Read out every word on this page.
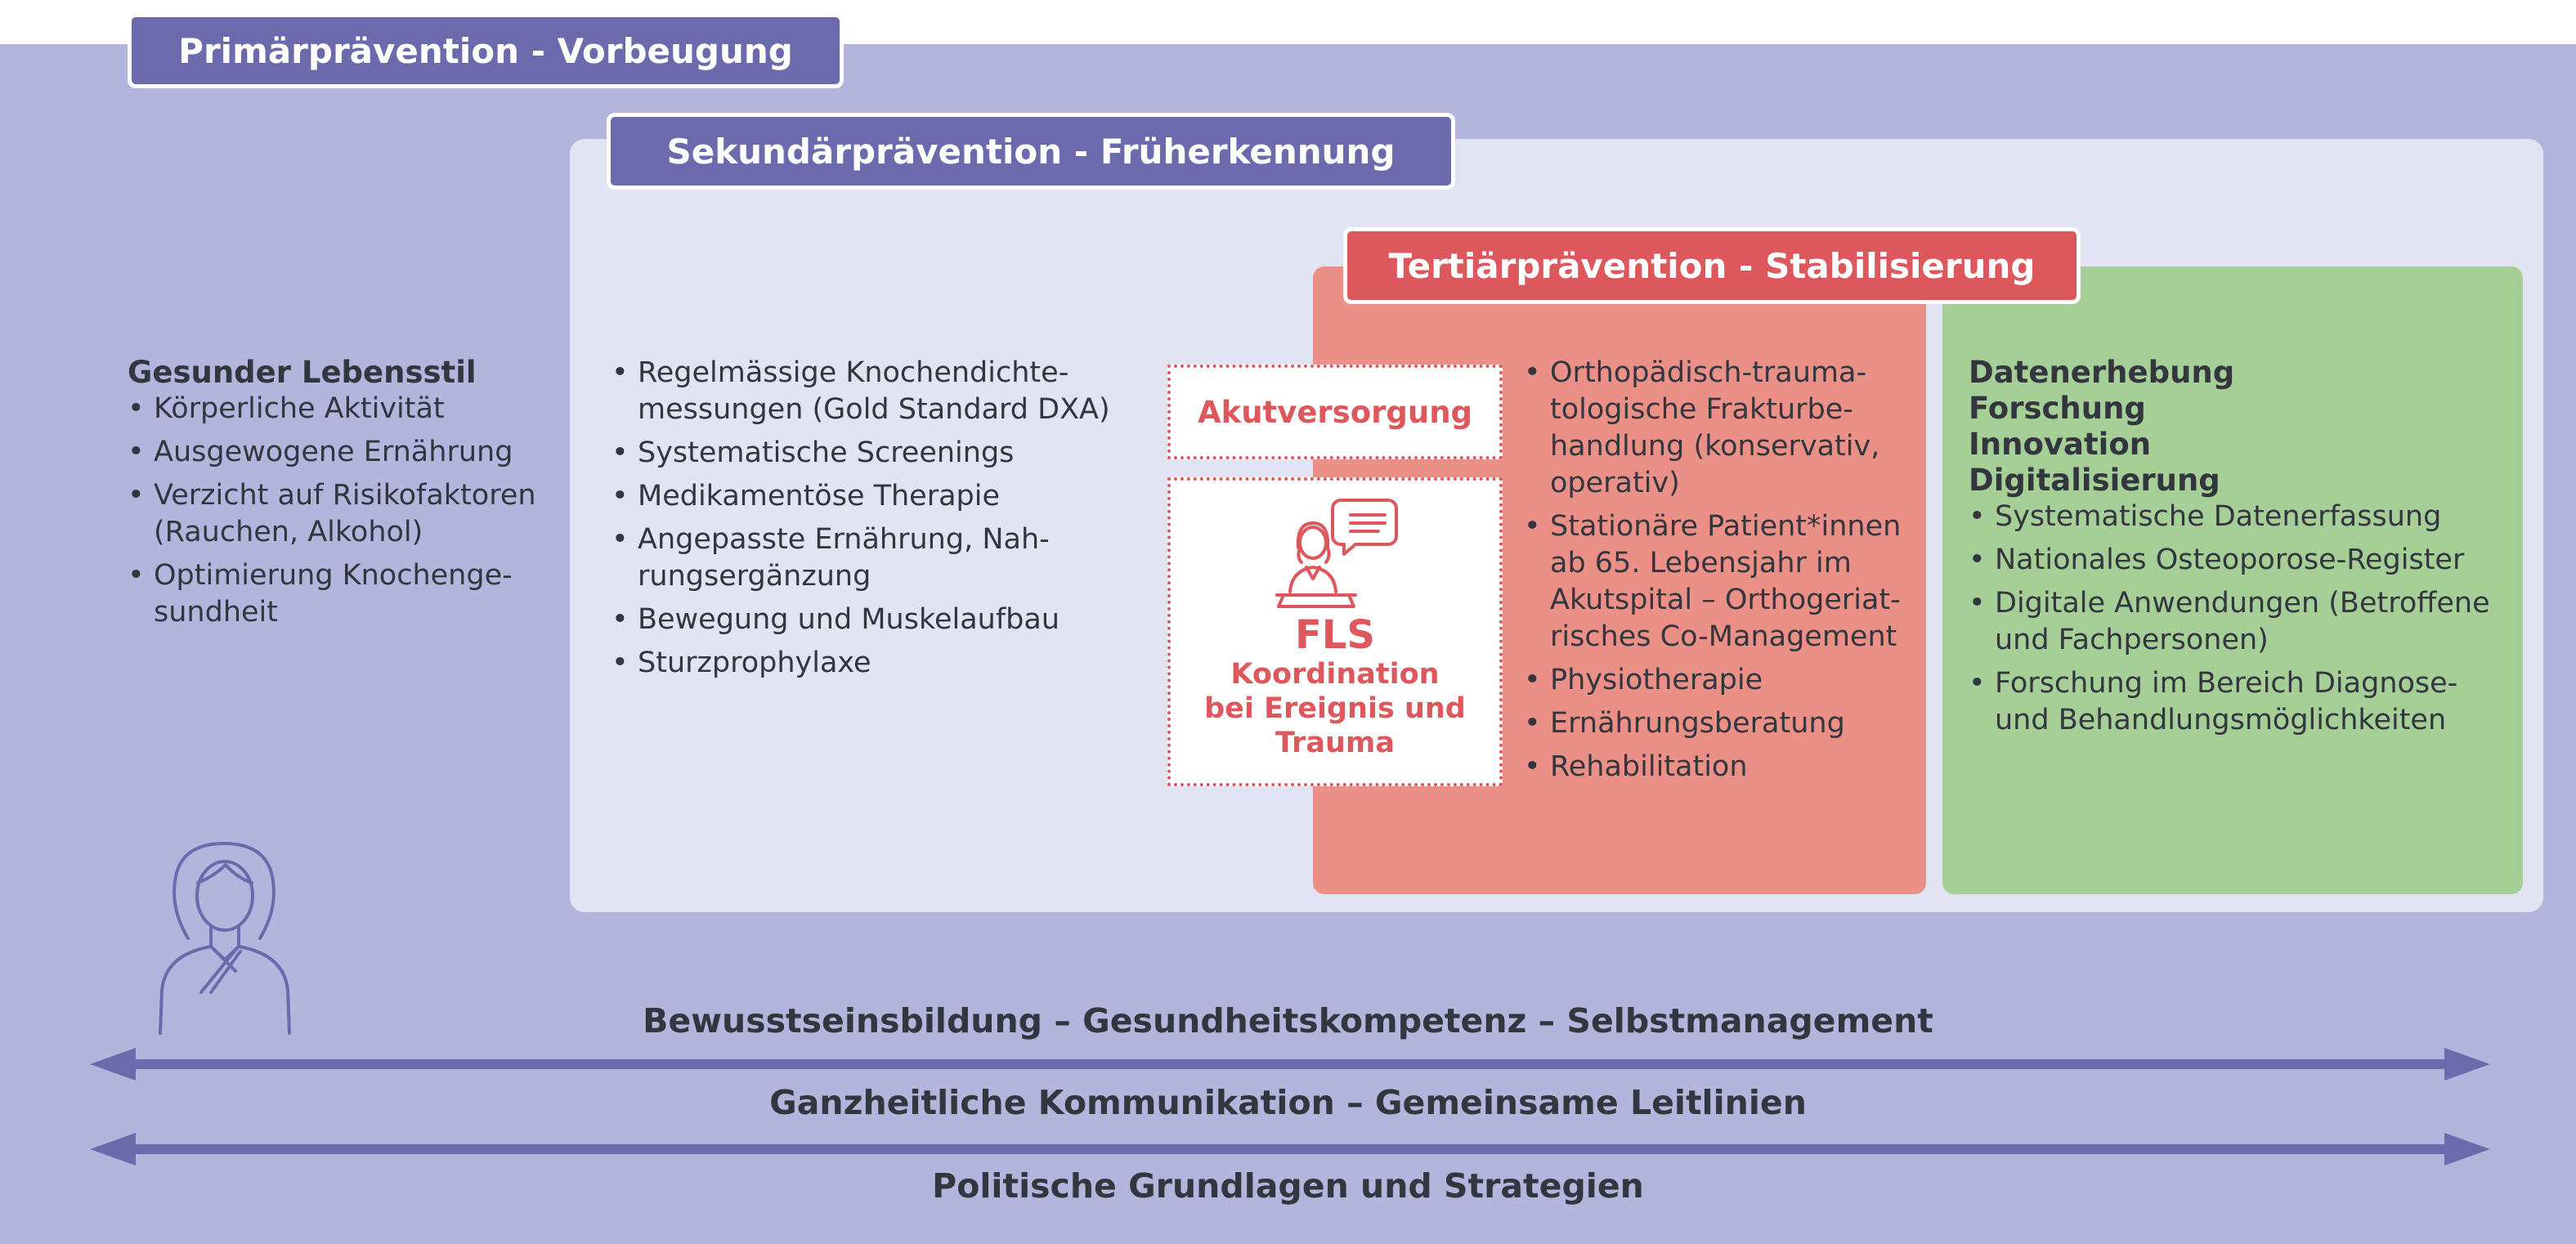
Primärprävention - Vorbeugung
Sekundärprävention - Früherkennung
Tertiärprävention - Stabilisierung
Gesunder Lebensstil
• Körperliche Aktivität
• Ausgewogene Ernährung
• Verzicht auf Risikofaktoren (Rauchen, Alkohol)
• Optimierung Knochengesundheit
• Regelmässige Knochendichtemessungen (Gold Standard DXA)
• Systematische Screenings
• Medikamentöse Therapie
• Angepasste Ernährung, Nahrungsergänzung
• Bewegung und Muskelaufbau
• Sturzprophylaxe
Akutversorgung
FLS
Koordination
bei Ereignis und
Trauma
• Orthopädisch-traumatologische Frakturbehandlung (konservativ, operativ)
• Stationäre Patient*innen ab 65. Lebensjahr im Akutspital – Orthogeriatrisches Co-Management
• Physiotherapie
• Ernährungsberatung
• Rehabilitation
Datenerhebung
Forschung
Innovation
Digitalisierung
• Systematische Datenerfassung
• Nationales Osteoporose-Register
• Digitale Anwendungen (Betroffene und Fachpersonen)
• Forschung im Bereich Diagnose- und Behandlungsmöglichkeiten
Bewusstseinsbildung – Gesundheitskompetenz – Selbstmanagement
Ganzheitliche Kommunikation – Gemeinsame Leitlinien
Politische Grundlagen und Strategien
